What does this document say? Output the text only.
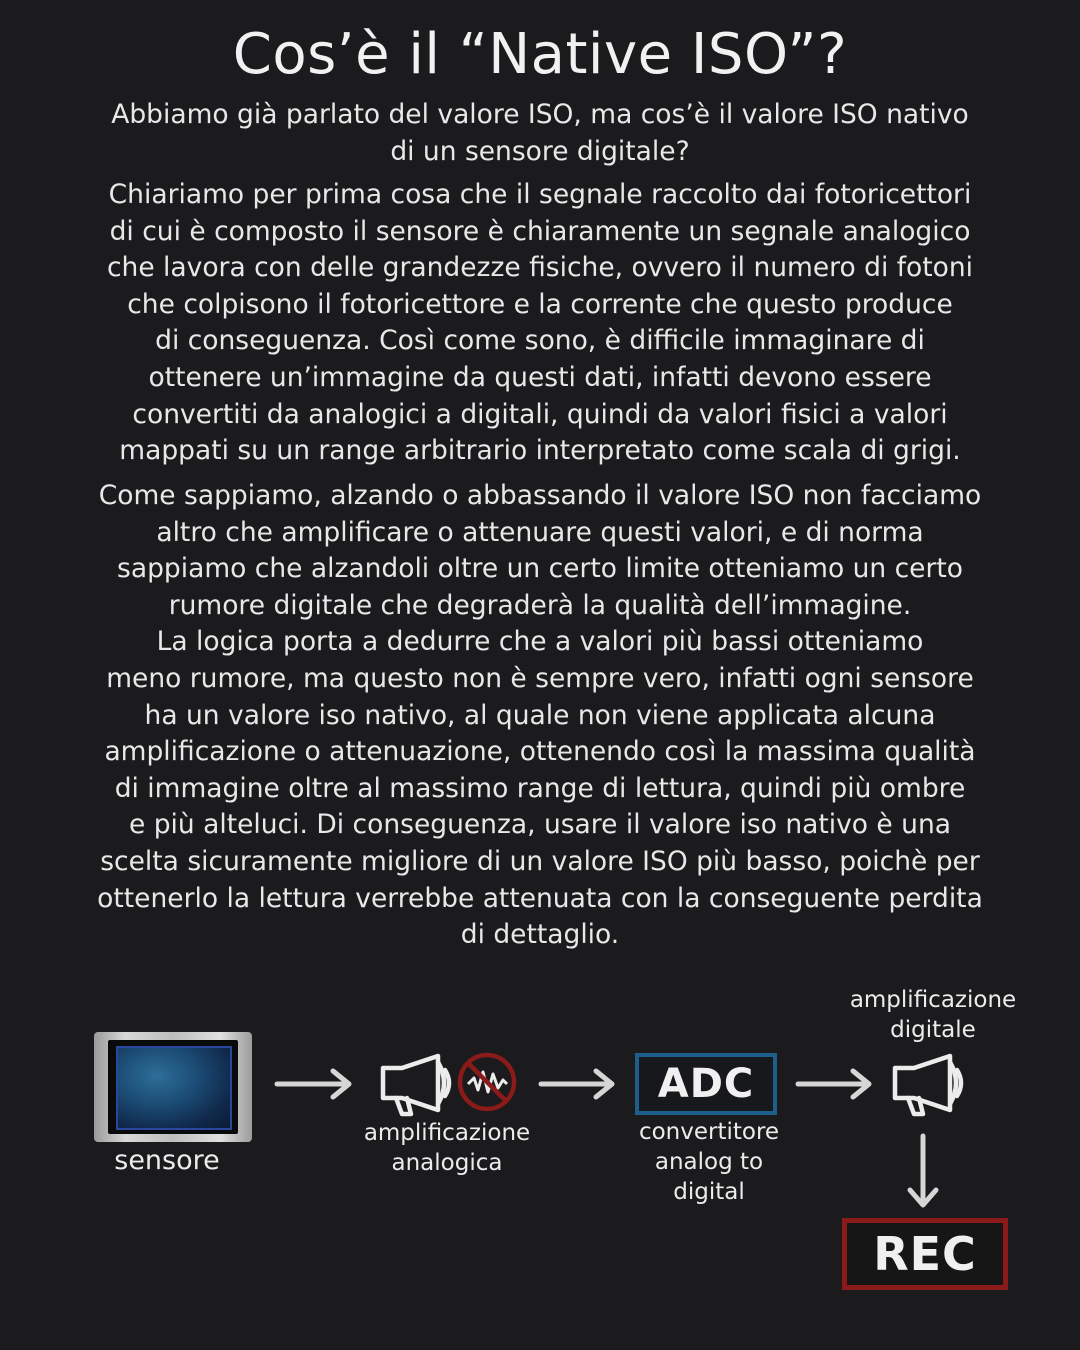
Cos’è il “Native ISO”?

Abbiamo già parlato del valore ISO, ma cos’è il valore ISO nativo
di un sensore digitale?

Chiariamo per prima cosa che il segnale raccolto dai fotoricettori
di cui è composto il sensore è chiaramente un segnale analogico
che lavora con delle grandezze fisiche, ovvero il numero di fotoni
che colpisono il fotoricettore e la corrente che questo produce
di conseguenza. Così come sono, è difficile immaginare di
ottenere un’immagine da questi dati, infatti devono essere
convertiti da analogici a digitali, quindi da valori fisici a valori
mappati su un range arbitrario interpretato come scala di grigi.

Come sappiamo, alzando o abbassando il valore ISO non facciamo
altro che amplificare o attenuare questi valori, e di norma
sappiamo che alzandoli oltre un certo limite otteniamo un certo
rumore digitale che degraderà la qualità dell’immagine.
La logica porta a dedurre che a valori più bassi otteniamo
meno rumore, ma questo non è sempre vero, infatti ogni sensore
ha un valore iso nativo, al quale non viene applicata alcuna
amplificazione o attenuazione, ottenendo così la massima qualità
di immagine oltre al massimo range di lettura, quindi più ombre
e più alteluci. Di conseguenza, usare il valore iso nativo è una
scelta sicuramente migliore di un valore ISO più basso, poichè per
ottenerlo la lettura verrebbe attenuata con la conseguente perdita
di dettaglio.

sensore
amplificazione
analogica
ADC
convertitore
analog to
digital
amplificazione
digitale
REC
